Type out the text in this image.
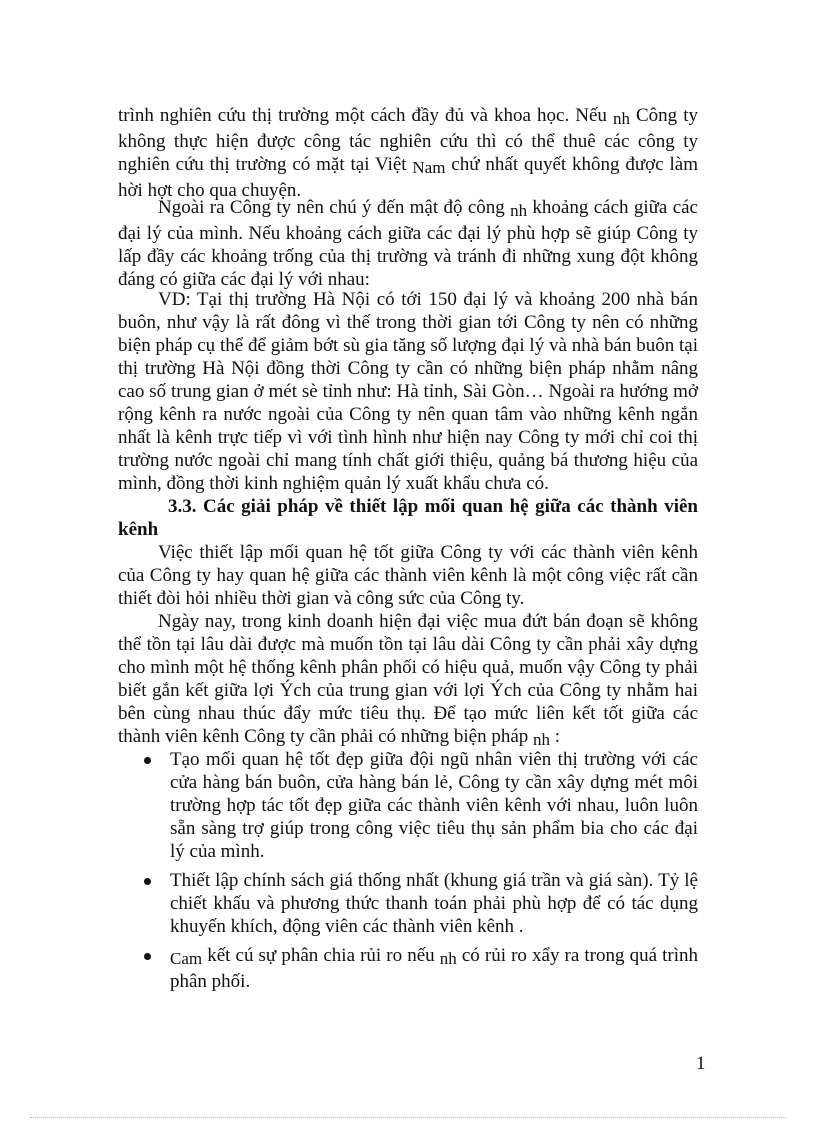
trình nghiên cứu thị trường một cách đầy đủ và khoa học. Nếu nh Công ty không thực hiện được công tác nghiên cứu thì có thể thuê các công ty nghiên cứu thị trường có mặt tại Việt Nam chứ nhất quyết không được làm hời hợt cho qua chuyện.

Ngoài ra Công ty nên chú ý đến mật độ công nh khoảng cách giữa các đại lý của mình. Nếu khoảng cách giữa các đại lý phù hợp sẽ giúp Công ty lấp đầy các khoảng trống của thị trường và tránh đi những xung đột không đáng có giữa các đại lý với nhau:

VD: Tại thị trường Hà Nội có tới 150 đại lý và khoảng 200 nhà bán buôn, như vậy là rất đông vì thế trong thời gian tới Công ty nên có những biện pháp cụ thể để giảm bớt sù gia tăng số lượng đại lý và nhà bán buôn tại thị trường Hà Nội đồng thời Công ty cần có những biện pháp nhằm nâng cao số trung gian ở mét sè tỉnh như: Hà tỉnh, Sài Gòn… Ngoài ra hướng mở rộng kênh ra nước ngoài của Công ty nên quan tâm vào những kênh ngắn nhất là kênh trực tiếp vì với tình hình như hiện nay Công ty mới chỉ coi thị trường nước ngoài chỉ mang tính chất giới thiệu, quảng bá thương hiệu của mình, đồng thời kinh nghiệm quản lý xuất khẩu chưa có.

3.3. Các giải pháp về thiết lập mối quan hệ giữa các thành viên kênh

Việc thiết lập mối quan hệ tốt giữa Công ty với các thành viên kênh của Công ty hay quan hệ giữa các thành viên kênh là một công việc rất cần thiết đòi hỏi nhiều thời gian và công sức của Công ty.

Ngày nay, trong kinh doanh hiện đại việc mua đứt bán đoạn sẽ không thể tồn tại lâu dài được mà muốn tồn tại lâu dài Công ty cần phải xây dựng cho mình một hệ thống kênh phân phối có hiệu quả, muốn vậy Công ty phải biết gắn kết giữa lợi Ých của trung gian với lợi Ých của Công ty nhằm hai bên cùng nhau thúc đẩy mức tiêu thụ. Để tạo mức liên kết tốt giữa các thành viên kênh Công ty cần phải có những biện pháp nh :

Tạo mối quan hệ tốt đẹp giữa đội ngũ nhân viên thị trường với các cửa hàng bán buôn, cửa hàng bán lẻ, Công ty cần xây dựng mét môi trường hợp tác tốt đẹp giữa các thành viên kênh với nhau, luôn luôn sẵn sàng trợ giúp trong công việc tiêu thụ sản phẩm bia cho các đại lý của mình.
Thiết lập chính sách giá thống nhất (khung giá trần và giá sàn). Tỷ lệ chiết khấu và phương thức thanh toán phải phù hợp để có tác dụng khuyến khích, động viên các thành viên kênh .
Cam kết cú sự phân chia rủi ro nếu nh có rủi ro xẩy ra trong quá trình phân phối.
1
